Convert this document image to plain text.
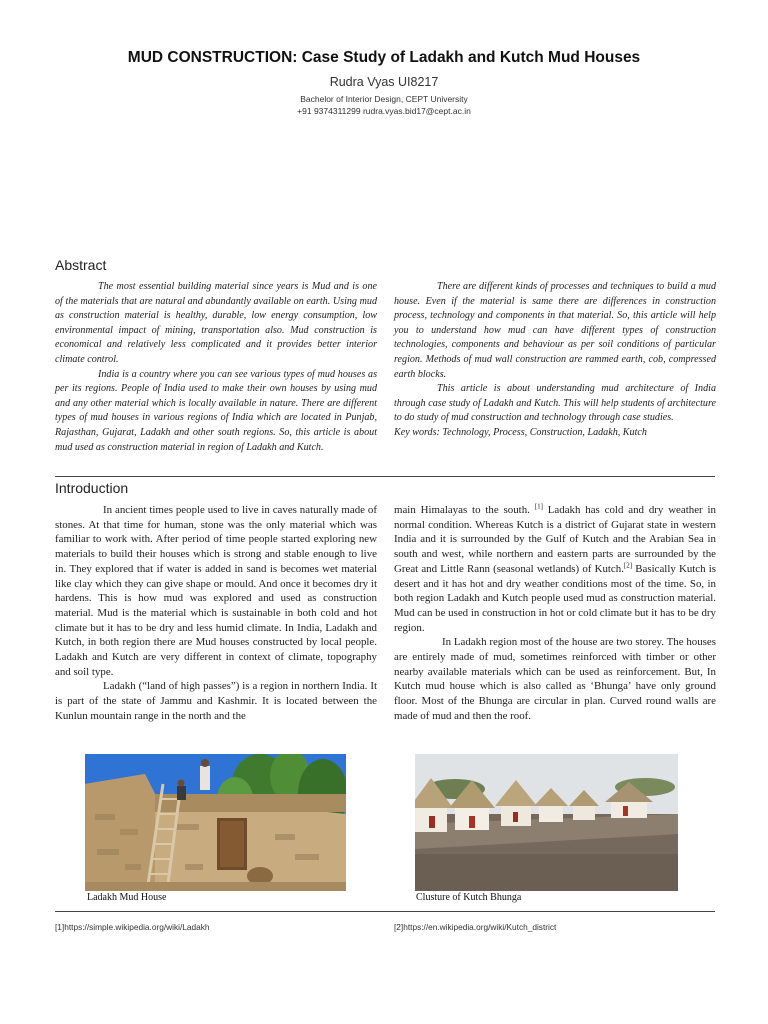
MUD CONSTRUCTION: Case Study of Ladakh and Kutch Mud Houses
Rudra Vyas UI8217
Bachelor of Interior Design, CEPT University
+91 9374311299 rudra.vyas.bid17@cept.ac.in
Abstract

The most essential building material since years is Mud and is one of the materials that are natural and abundantly available on earth. Using mud as construction material is healthy, durable, low energy consumption, low environmental impact of mining, transportation also. Mud construction is economical and relatively less complicated and it provides better interior climate control.

India is a country where you can see various types of mud houses as per its regions. People of India used to make their own houses by using mud and any other material which is locally available in nature. There are different types of mud houses in various regions of India which are located in Punjab, Rajasthan, Gujarat, Ladakh and other south regions. So, this article is about mud used as construction material in region of Ladakh and Kutch.

There are different kinds of processes and techniques to build a mud house. Even if the material is same there are differences in construction process, technology and components in that material. So, this article will help you to understand how mud can have different types of construction technologies, components and behaviour as per soil conditions of particular region. Methods of mud wall construction are rammed earth, cob, compressed earth blocks.

This article is about understanding mud architecture of India through case study of Ladakh and Kutch. This will help students of architecture to do study of mud construction and technology through case studies.

Key words: Technology, Process, Construction, Ladakh, Kutch

Introduction

In ancient times people used to live in caves naturally made of stones. At that time for human, stone was the only material which was familiar to work with. After period of time people started exploring new materials to build their houses which is strong and stable enough to live in. They explored that if water is added in sand is becomes wet material like clay which they can give shape or mould. And once it becomes dry it hardens. This is how mud was explored and used as construction material. Mud is the material which is sustainable in both cold and hot climate but it has to be dry and less humid climate. In India, Ladakh and Kutch, in both region there are Mud houses constructed by local people. Ladakh and Kutch are very different in context of climate, topography and soil type.

Ladakh (“land of high passes”) is a region in northern India. It is part of the state of Jammu and Kashmir. It is located between the Kunlun mountain range in the north and the

main Himalayas to the south. [1] Ladakh has cold and dry weather in normal condition. Whereas Kutch is a district of Gujarat state in western India and it is surrounded by the Gulf of Kutch and the Arabian Sea in south and west, while northern and eastern parts are surrounded by the Great and Little Rann (seasonal wetlands) of Kutch.[2] Basically Kutch is desert and it has hot and dry weather conditions most of the time. So, in both region Ladakh and Kutch people used mud as construction material. Mud can be used in construction in hot or cold climate but it has to be dry region.

In Ladakh region most of the house are two storey. The houses are entirely made of mud, sometimes reinforced with timber or other nearby available materials which can be used as reinforcement. But, In Kutch mud house which is also called as ‘Bhunga’ have only ground floor. Most of the Bhunga are circular in plan. Curved round walls are made of mud and then the roof.

Ladakh Mud House	Clusture of Kutch Bhunga
[1]https://simple.wikipedia.org/wiki/Ladakh	[2]https://en.wikipedia.org/wiki/Kutch_district
